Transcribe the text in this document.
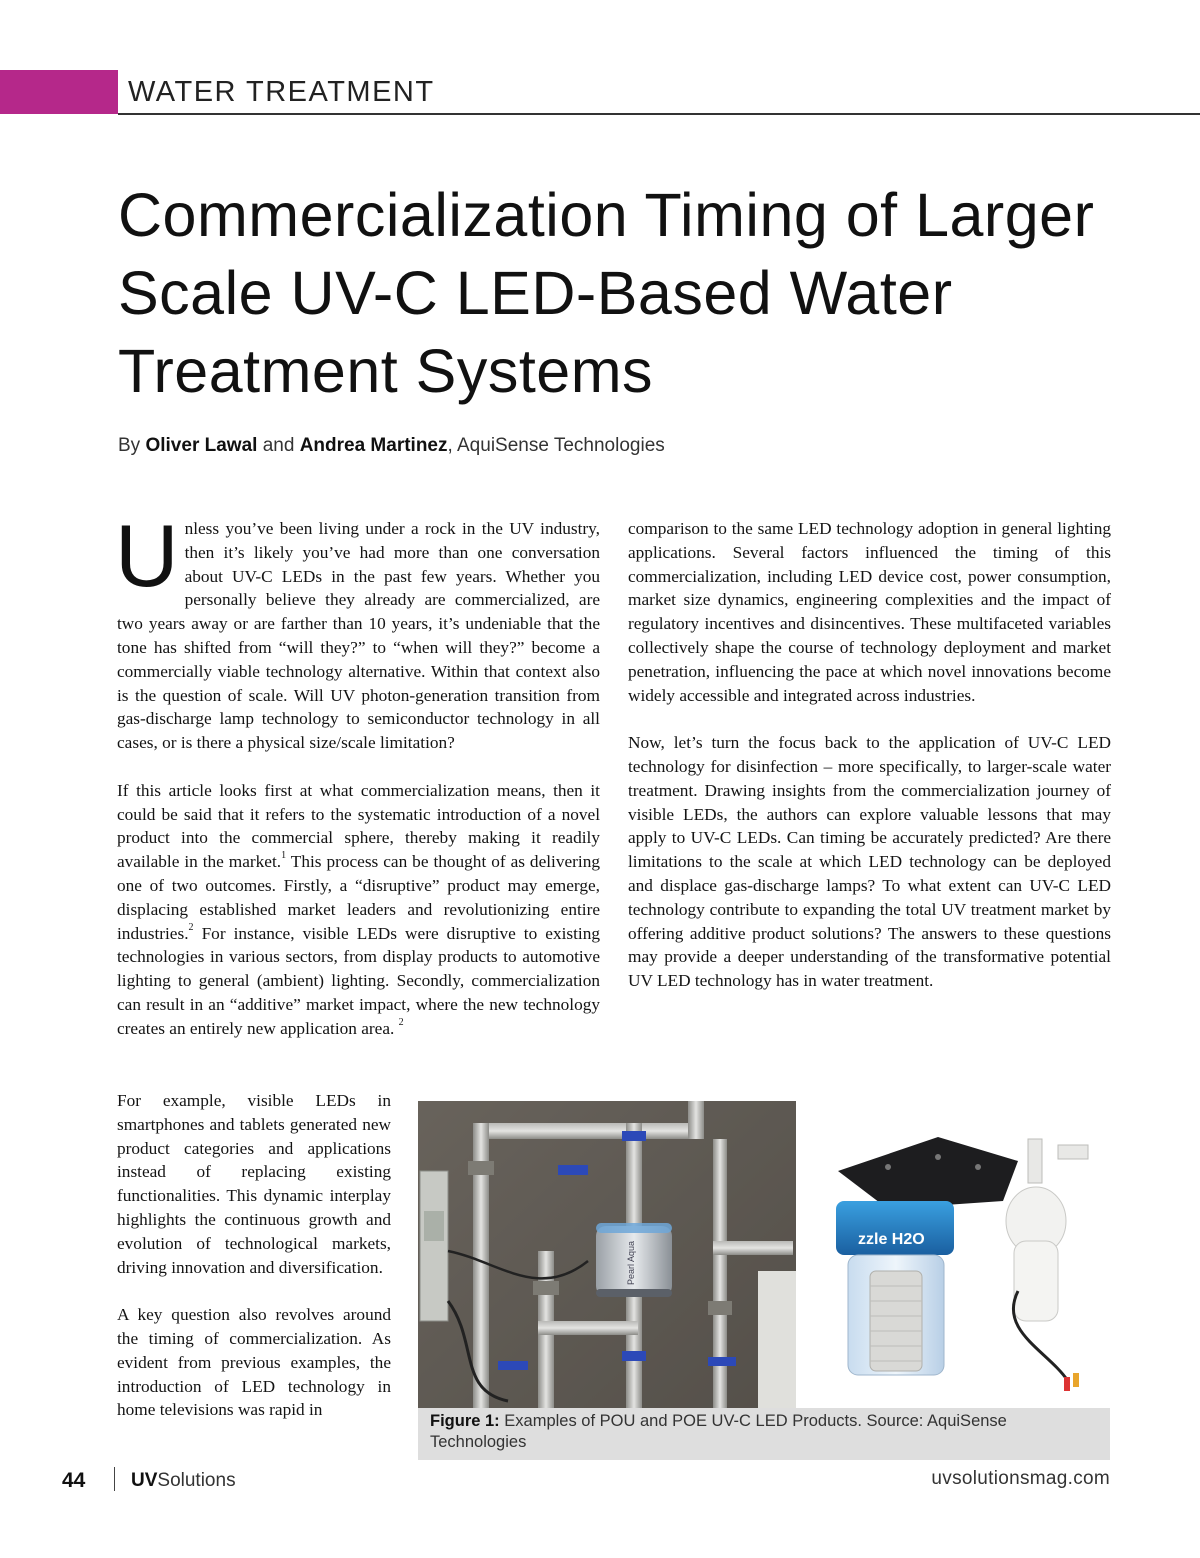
WATER TREATMENT
Commercialization Timing of Larger Scale UV-C LED-Based Water Treatment Systems
By Oliver Lawal and Andrea Martinez, AquiSense Technologies

Unless you’ve been living under a rock in the UV industry, then it’s likely you’ve had more than one conversation about UV-C LEDs in the past few years. Whether you personally believe they already are commercialized, are two years away or are farther than 10 years, it’s undeniable that the tone has shifted from “will they?” to “when will they?” become a commercially viable technology alternative. Within that context also is the question of scale. Will UV photon-generation transition from gas-discharge lamp technology to semiconductor technology in all cases, or is there a physical size/scale limitation?

If this article looks first at what commercialization means, then it could be said that it refers to the systematic introduction of a novel product into the commercial sphere, thereby making it readily available in the market.$^1$ This process can be thought of as delivering one of two outcomes. Firstly, a “disruptive” product may emerge, displacing established market leaders and revolutionizing entire industries.$^2$ For instance, visible LEDs were disruptive to existing technologies in various sectors, from display products to automotive lighting to general (ambient) lighting. Secondly, commercialization can result in an “additive” market impact, where the new technology creates an entirely new application area. $^2$

For example, visible LEDs in smartphones and tablets generated new product categories and applications instead of replacing existing functionalities. This dynamic interplay highlights the continuous growth and evolution of technological markets, driving innovation and diversification.

A key question also revolves around the timing of commercialization. As evident from previous examples, the introduction of LED technology in home televisions was rapid in

comparison to the same LED technology adoption in general lighting applications. Several factors influenced the timing of this commercialization, including LED device cost, power consumption, market size dynamics, engineering complexities and the impact of regulatory incentives and disincentives. These multifaceted variables collectively shape the course of technology deployment and market penetration, influencing the pace at which novel innovations become widely accessible and integrated across industries.

Now, let’s turn the focus back to the application of UV-C LED technology for disinfection – more specifically, to larger-scale water treatment. Drawing insights from the commercialization journey of visible LEDs, the authors can explore valuable lessons that may apply to UV-C LEDs. Can timing be accurately predicted? Are there limitations to the scale at which LED technology can be deployed and displace gas-discharge lamps? To what extent can UV-C LED technology contribute to expanding the total UV treatment market by offering additive product solutions? The answers to these questions may provide a deeper understanding of the transformative potential UV LED technology has in water treatment.

Pearl Aqua
zzle H2O
Figure 1: Examples of POU and POE UV-C LED Products. Source: AquiSense Technologies
44 UVSolutions	uvsolutionsmag.com
